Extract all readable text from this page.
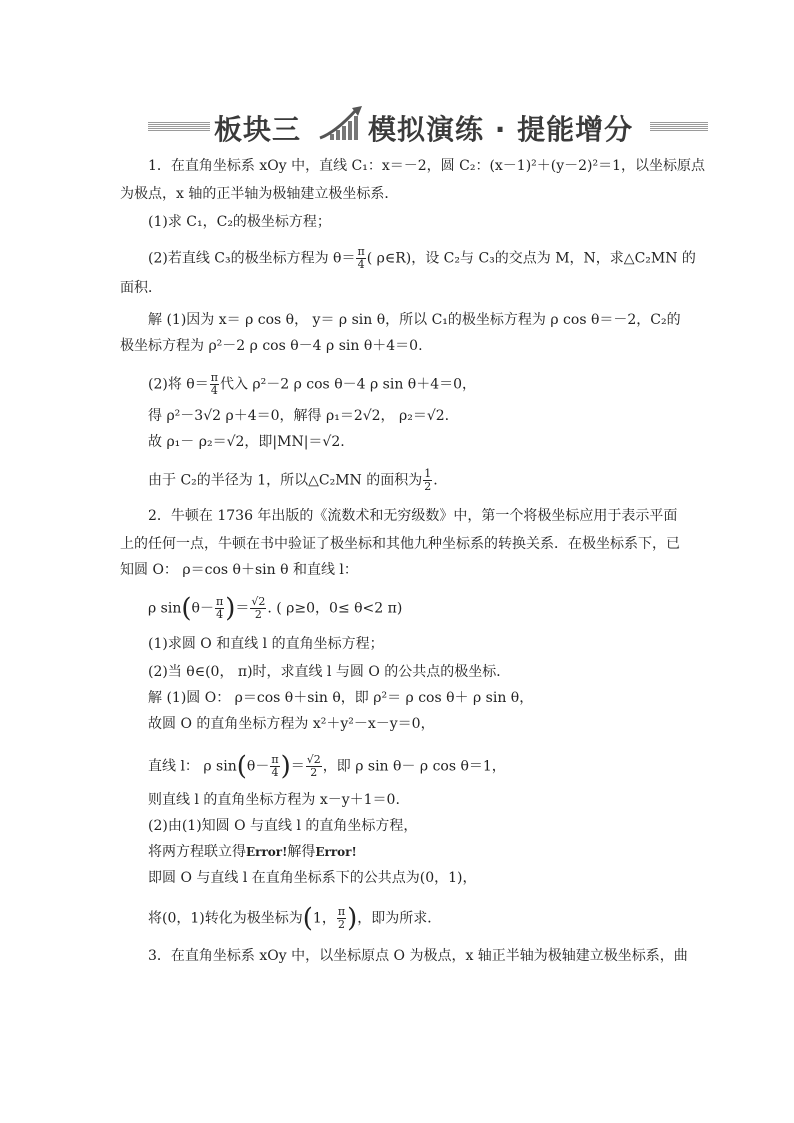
板块三 模拟演练 · 提能增分
1．在直角坐标系 xOy 中，直线 C₁：x＝－2，圆 C₂：(x－1)²＋(y－2)²＝1，以坐标原点
为极点，x 轴的正半轴为极轴建立极坐标系．
(1)求 C₁，C₂的极坐标方程；
(2)若直线 C₃的极坐标方程为 $\theta= \frac{\pi}{4}$ ( ρ∈R)，设 C₂与 C₃的交点为 M，N，求△C₂MN 的
面积．
解 (1)因为 x＝ ρ cos θ， y＝ ρ sin θ，所以 C₁的极坐标方程为 ρ cos θ＝－2，C₂的
极坐标方程为 ρ²－2 ρ cos θ－4 ρ sin θ＋4＝0.
(2)将 $\theta= \frac{\pi}{4}$ 代入 ρ²－2 ρ cos θ－4 ρ sin θ＋4＝0，
得 ρ²－3√2 ρ＋4＝0，解得 ρ₁＝2√2， ρ₂＝√2.
故 ρ₁－ ρ₂＝√2，即|MN|＝√2.
由于 C₂的半径为 1，所以△C₂MN 的面积为 $\frac{1}{2}$ .
2．牛顿在 1736 年出版的《流数术和无穷级数》中，第一个将极坐标应用于表示平面
上的任何一点，牛顿在书中验证了极坐标和其他九种坐标系的转换关系．在极坐标系下，已
知圆 O： ρ＝cos θ＋sin θ 和直线 l：
ρ $\sin(\theta- \frac{\pi}{4}$ )＝ $\frac{√2}{2}$ . ( ρ≥0，0≤ θ<2 π)
(1)求圆 O 和直线 l 的直角坐标方程；
(2)当 θ∈(0， π)时，求直线 l 与圆 O 的公共点的极坐标．
解 (1)圆 O： ρ＝cos θ＋sin θ，即 ρ²＝ ρ cos θ＋ ρ sin θ，
故圆 O 的直角坐标方程为 x²＋y²－x－y＝0，
直线 l： ρ $\sin(\theta- \frac{\pi}{4}$ )＝ $\frac{√2}{2}$ ，即 ρ sin θ－ ρ cos θ＝1，
则直线 l 的直角坐标方程为 x－y＋1＝0.
(2)由(1)知圆 O 与直线 l 的直角坐标方程，
将两方程联立得Error!解得Error!
即圆 O 与直线 l 在直角坐标系下的公共点为(0，1)，
将(0，1)转化为极坐标为(1， $\frac{\pi}{2}$ )，即为所求．
3．在直角坐标系 xOy 中，以坐标原点 O 为极点，x 轴正半轴为极轴建立极坐标系，曲
